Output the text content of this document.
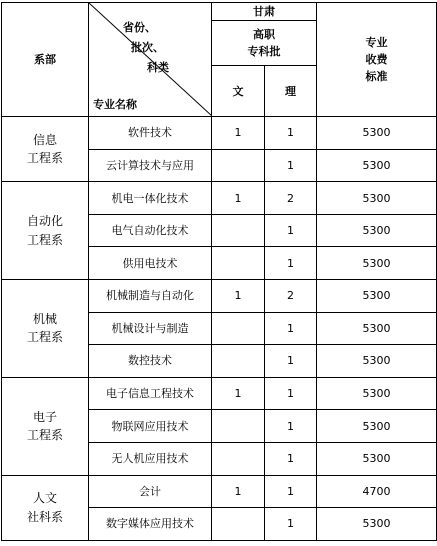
系部	省份、
批次、
科类
专业名称	甘肃		专业
收费
标准
		高职
专科批		
		文	理	
信息
工程系	软件技术	1	1	5300
	云计算技术与应用		1	5300
自动化
工程系	机电一体化技术	1	2	5300
	电气自动化技术		1	5300
	供用电技术		1	5300
机械
工程系	机械制造与自动化	1	2	5300
	机械设计与制造		1	5300
	数控技术		1	5300
电子
工程系	电子信息工程技术	1	1	5300
	物联网应用技术		1	5300
	无人机应用技术		1	5300
人文
社科系	会计	1	1	4700
	数字媒体应用技术		1	5300
